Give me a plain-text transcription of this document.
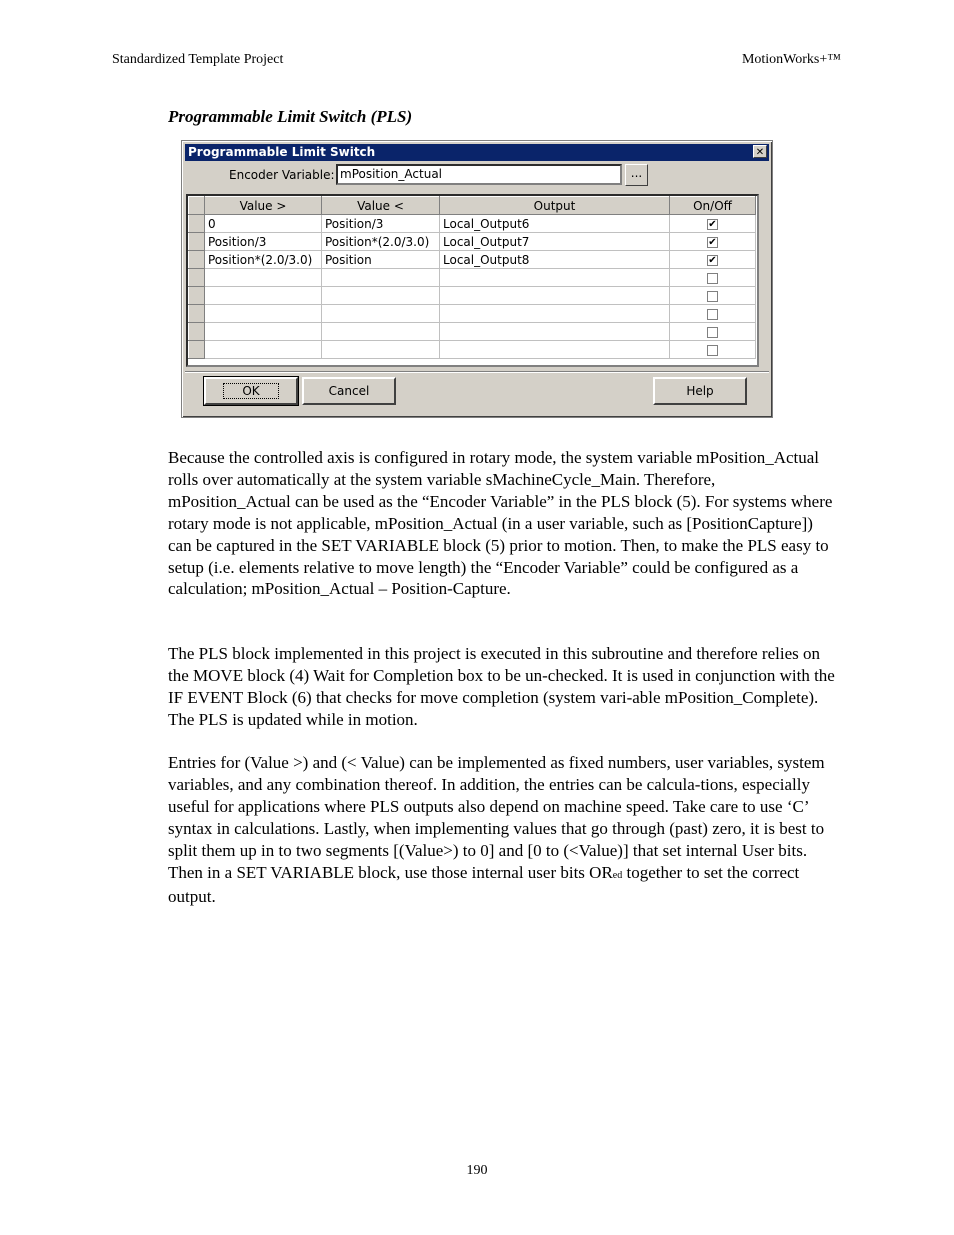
Standardized Template Project	MotionWorks+™
Programmable Limit Switch (PLS)
Programmable Limit Switch	✕
Encoder Variable: mPosition_Actual	...
	Value >	Value <	Output	On/Off
	0	Position/3	Local_Output6	✔
	Position/3	Position*(2.0/3.0)	Local_Output7	✔
	Position*(2.0/3.0)	Position	Local_Output8	✔

OK	Cancel	Help

Because the controlled axis is configured in rotary mode, the system variable mPosition_Actual rolls over automatically at the system variable sMachineCycle_Main. Therefore, mPosition_Actual can be used as the “Encoder Variable” in the PLS block (5). For systems where rotary mode is not applicable, mPosition_Actual (in a user variable, such as [PositionCapture]) can be captured in the SET VARIABLE block (5) prior to motion. Then, to make the PLS easy to setup (i.e. elements relative to move length) the “Encoder Variable” could be configured as a calculation; mPosition_Actual – Position-Capture.

The PLS block implemented in this project is executed in this subroutine and therefore relies on the MOVE block (4) Wait for Completion box to be un-checked. It is used in conjunction with the IF EVENT Block (6) that checks for move completion (system vari-able mPosition_Complete). The PLS is updated while in motion.

Entries for (Value >) and (< Value) can be implemented as fixed numbers, user variables, system variables, and any combination thereof. In addition, the entries can be calcula-tions, especially useful for applications where PLS outputs also depend on machine speed. Take care to use ‘C’ syntax in calculations. Lastly, when implementing values that go through (past) zero, it is best to split them up in to two segments [(Value>) to 0] and [0 to (<Value)] that set internal User bits. Then in a SET VARIABLE block, use those internal user bits ORed together to set the correct output.

190
